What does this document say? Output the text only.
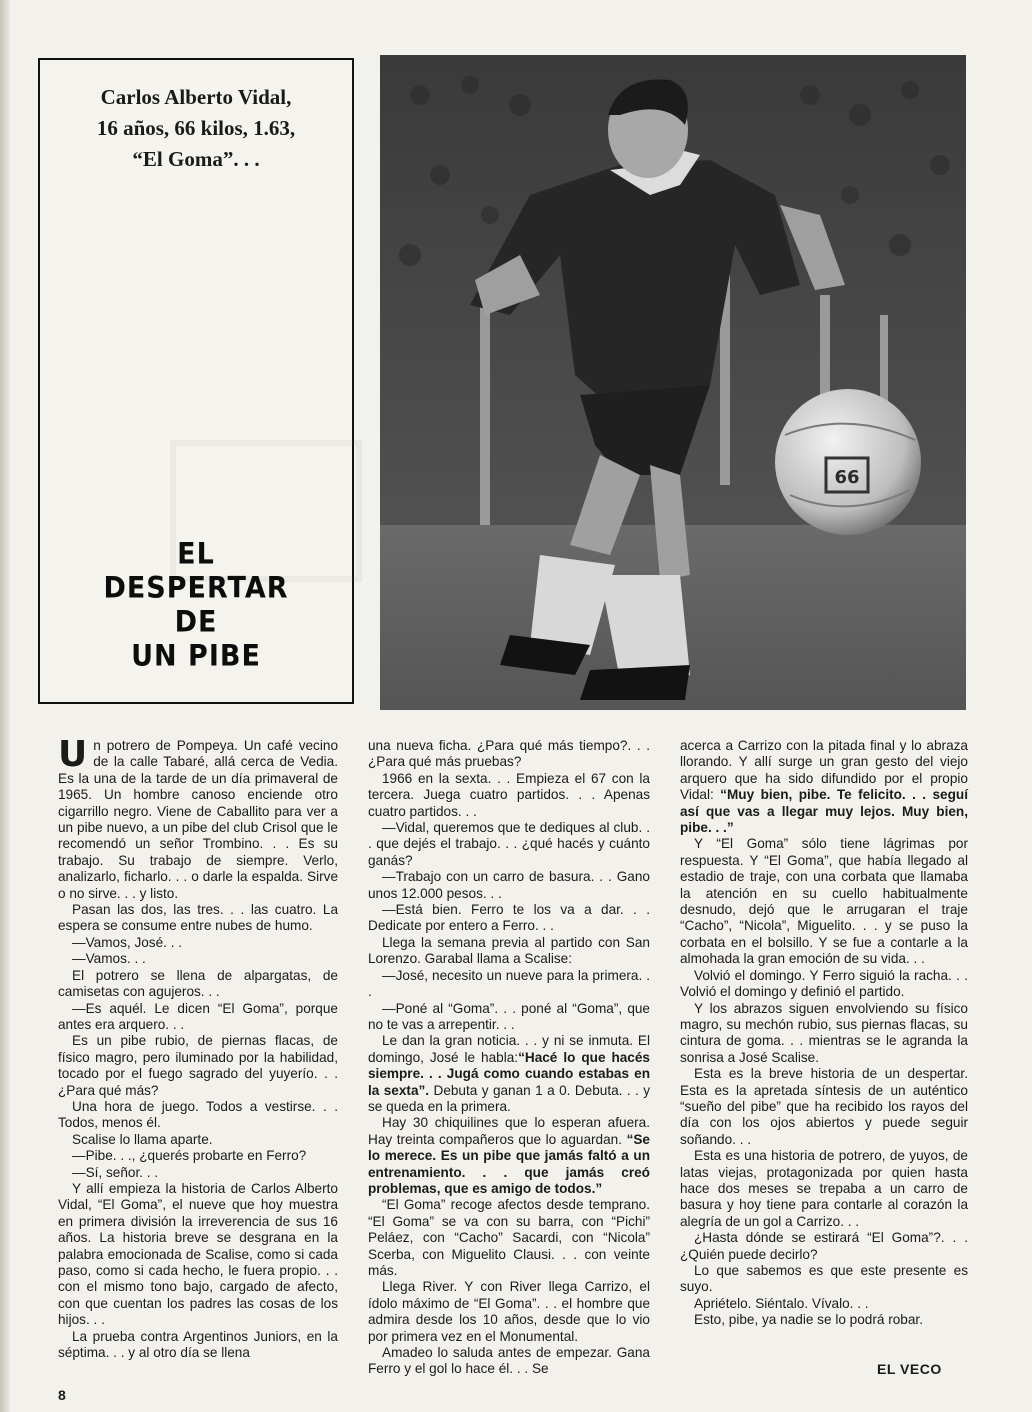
Carlos Alberto Vidal,
16 años, 66 kilos, 1.63,
“El Goma”. . .
EL
DESPERTAR
DE
UN PIBE
66

Un potrero de Pompeya. Un café vecino de la calle Tabaré, allá cerca de Vedia. Es la una de la tarde de un día primaveral de 1965. Un hombre canoso enciende otro cigarrillo negro. Viene de Caballito para ver a un pibe nuevo, a un pibe del club Crisol que le recomendó un señor Trombino. . . Es su trabajo. Su trabajo de siempre. Verlo, analizarlo, ficharlo. . . o darle la espalda. Sirve o no sirve. . . y listo.

Pasan las dos, las tres. . . las cuatro. La espera se consume entre nubes de humo.

—Vamos, José. . .

—Vamos. . .

El potrero se llena de alpargatas, de camisetas con agujeros. . .

—Es aquél. Le dicen “El Goma”, porque antes era arquero. . .

Es un pibe rubio, de piernas flacas, de físico magro, pero iluminado por la habilidad, tocado por el fuego sagrado del yuyerío. . . ¿Para qué más?

Una hora de juego. Todos a vestirse. . . Todos, menos él.

Scalise lo llama aparte.

—Pibe. . ., ¿querés probarte en Ferro?

—Sí, señor. . .

Y allí empieza la historia de Carlos Alberto Vidal, “El Goma”, el nueve que hoy muestra en primera división la irreverencia de sus 16 años. La historia breve se desgrana en la palabra emocionada de Scalise, como si cada paso, como si cada hecho, le fuera propio. . . con el mismo tono bajo, cargado de afecto, con que cuentan los padres las cosas de los hijos. . .

La prueba contra Argentinos Juniors, en la séptima. . . y al otro día se llena

una nueva ficha. ¿Para qué más tiempo?. . . ¿Para qué más pruebas?

1966 en la sexta. . . Empieza el 67 con la tercera. Juega cuatro partidos. . . Apenas cuatro partidos. . .

—Vidal, queremos que te dediques al club. . . que dejés el trabajo. . . ¿qué hacés y cuánto ganás?

—Trabajo con un carro de basura. . . Gano unos 12.000 pesos. . .

—Está bien. Ferro te los va a dar. . . Dedicate por entero a Ferro. . .

Llega la semana previa al partido con San Lorenzo. Garabal llama a Scalise:

—José, necesito un nueve para la primera. . .

—Poné al “Goma”. . . poné al “Goma”, que no te vas a arrepentir. . .

Le dan la gran noticia. . . y ni se inmuta. El domingo, José le habla:“Hacé lo que hacés siempre. . . Jugá como cuando estabas en la sexta”. Debuta y ganan 1 a 0. Debuta. . . y se queda en la primera.

Hay 30 chiquilines que lo esperan afuera. Hay treinta compañeros que lo aguardan. “Se lo merece. Es un pibe que jamás faltó a un entrenamiento. . . que jamás creó problemas, que es amigo de todos.”

“El Goma” recoge afectos desde temprano. “El Goma” se va con su barra, con “Pichi” Peláez, con “Cacho” Sacardi, con “Nicola” Scerba, con Miguelito Clausi. . . con veinte más.

Llega River. Y con River llega Carrizo, el ídolo máximo de “El Goma”. . . el hombre que admira desde los 10 años, desde que lo vio por primera vez en el Monumental.

Amadeo lo saluda antes de empezar. Gana Ferro y el gol lo hace él. . . Se

acerca a Carrizo con la pitada final y lo abraza llorando. Y allí surge un gran gesto del viejo arquero que ha sido difundido por el propio Vidal: “Muy bien, pibe. Te felicito. . . seguí así que vas a llegar muy lejos. Muy bien, pibe. . .”

Y “El Goma” sólo tiene lágrimas por respuesta. Y “El Goma”, que había llegado al estadio de traje, con una corbata que llamaba la atención en su cuello habitualmente desnudo, dejó que le arrugaran el traje “Cacho”, “Nicola”, Miguelito. . . y se puso la corbata en el bolsillo. Y se fue a contarle a la almohada la gran emoción de su vida. . .

Volvió el domingo. Y Ferro siguió la racha. . . Volvió el domingo y definió el partido.

Y los abrazos siguen envolviendo su físico magro, su mechón rubio, sus piernas flacas, su cintura de goma. . . mientras se le agranda la sonrisa a José Scalise.

Esta es la breve historia de un despertar. Esta es la apretada síntesis de un auténtico “sueño del pibe” que ha recibido los rayos del día con los ojos abiertos y puede seguir soñando. . .

Esta es una historia de potrero, de yuyos, de latas viejas, protagonizada por quien hasta hace dos meses se trepaba a un carro de basura y hoy tiene para contarle al corazón la alegría de un gol a Carrizo. . .

¿Hasta dónde se estirará “El Goma”?. . . ¿Quién puede decirlo?

Lo que sabemos es que este presente es suyo.

Apriételo. Siéntalo. Vívalo. . .

Esto, pibe, ya nadie se lo podrá robar.

8
EL VECO
